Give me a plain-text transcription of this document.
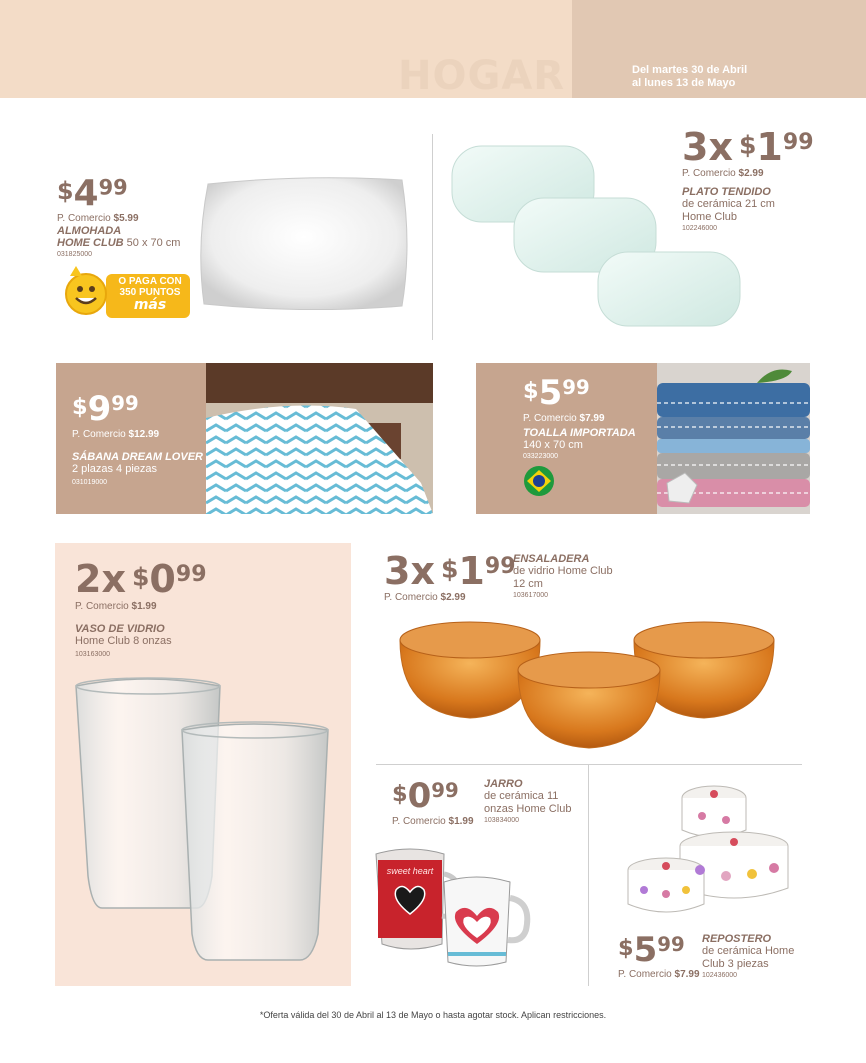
HOGAR	Del martes 30 de Abril
al lunes 13 de Mayo
$\$4^{99}$
P. Comercio $5.99
ALMOHADA
HOME CLUB 50 x 70 cm
031825000
O PAGA CON
350 PUNTOS
más
3x $\$1^{99}$
P. Comercio $2.99
PLATO TENDIDO
de cerámica 21 cm
Home Club
102246000
$\$9^{99}$
P. Comercio $12.99
SÁBANA DREAM LOVER
2 plazas 4 piezas
031019000
$\$5^{99}$
P. Comercio $7.99
TOALLA IMPORTADA
140 x 70 cm
033223000
2x $\$0^{99}$
P. Comercio $1.99
VASO DE VIDRIO
Home Club 8 onzas
103163000
3x $\$1^{99}$
P. Comercio $2.99
ENSALADERA
de vidrio Home Club
12 cm
103617000
$\$0^{99}$
P. Comercio $1.99
JARRO
de cerámica 11
onzas Home Club
103834000
sweet heart
$\$5^{99}$
P. Comercio $7.99
REPOSTERO
de cerámica Home
Club 3 piezas
102436000
*Oferta válida del 30 de Abril al 13 de Mayo o hasta agotar stock. Aplican restricciones.
